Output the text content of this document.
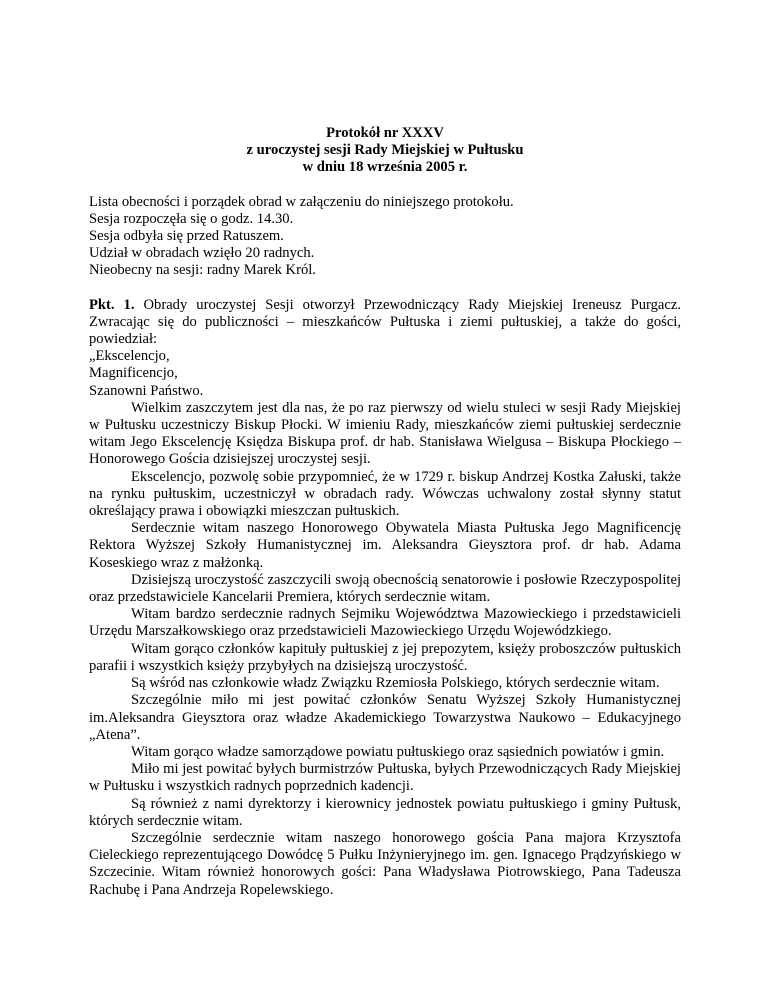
Protokół nr XXXV
z uroczystej sesji Rady Miejskiej w Pułtusku
w dniu 18 września 2005 r.
Lista obecności i porządek obrad w załączeniu do niniejszego protokołu.
Sesja rozpoczęła się o godz. 14.30.
Sesja odbyła się przed Ratuszem.
Udział w obradach wzięło 20 radnych.
Nieobecny na sesji: radny Marek Król.

Pkt. 1. Obrady uroczystej Sesji otworzył Przewodniczący Rady Miejskiej Ireneusz Purgacz. Zwracając się do publiczności – mieszkańców Pułtuska i ziemi pułtuskiej, a także do gości, powiedział:

„Ekscelencjo,
Magnificencjo,
Szanowni Państwo.

Wielkim zaszczytem jest dla nas, że po raz pierwszy od wielu stuleci w sesji Rady Miejskiej w Pułtusku uczestniczy Biskup Płocki. W imieniu Rady, mieszkańców ziemi pułtuskiej serdecznie witam Jego Ekscelencję Księdza Biskupa prof. dr hab. Stanisława Wielgusa – Biskupa Płockiego – Honorowego Gościa dzisiejszej uroczystej sesji.

Ekscelencjo, pozwolę sobie przypomnieć, że w 1729 r. biskup Andrzej Kostka Załuski, także na rynku pułtuskim, uczestniczył w obradach rady. Wówczas uchwalony został słynny statut określający prawa i obowiązki mieszczan pułtuskich.

Serdecznie witam naszego Honorowego Obywatela Miasta Pułtuska Jego Magnificencję Rektora Wyższej Szkoły Humanistycznej im. Aleksandra Gieysztora prof. dr hab. Adama Koseskiego wraz z małżonką.

Dzisiejszą uroczystość zaszczycili swoją obecnością senatorowie i posłowie Rzeczypospolitej oraz przedstawiciele Kancelarii Premiera, których serdecznie witam.

Witam bardzo serdecznie radnych Sejmiku Województwa Mazowieckiego i przedstawicieli Urzędu Marszałkowskiego oraz przedstawicieli Mazowieckiego Urzędu Wojewódzkiego.

Witam gorąco członków kapituły pułtuskiej z jej prepozytem, księży proboszczów pułtuskich parafii i wszystkich księży przybyłych na dzisiejszą uroczystość.

Są wśród nas członkowie władz Związku Rzemiosła Polskiego, których serdecznie witam.

Szczególnie miło mi jest powitać członków Senatu Wyższej Szkoły Humanistycznej im.Aleksandra Gieysztora oraz władze Akademickiego Towarzystwa Naukowo – Edukacyjnego „Atena”.

Witam gorąco władze samorządowe powiatu pułtuskiego oraz sąsiednich powiatów i gmin.

Miło mi jest powitać byłych burmistrzów Pułtuska, byłych Przewodniczących Rady Miejskiej w Pułtusku i wszystkich radnych poprzednich kadencji.

Są również z nami dyrektorzy i kierownicy jednostek powiatu pułtuskiego i gminy Pułtusk, których serdecznie witam.

Szczególnie serdecznie witam naszego honorowego gościa Pana majora Krzysztofa Cieleckiego reprezentującego Dowódcę 5 Pułku Inżynieryjnego im. gen. Ignacego Prądzyńskiego w Szczecinie. Witam również honorowych gości: Pana Władysława Piotrowskiego, Pana Tadeusza Rachubę i Pana Andrzeja Ropelewskiego.
